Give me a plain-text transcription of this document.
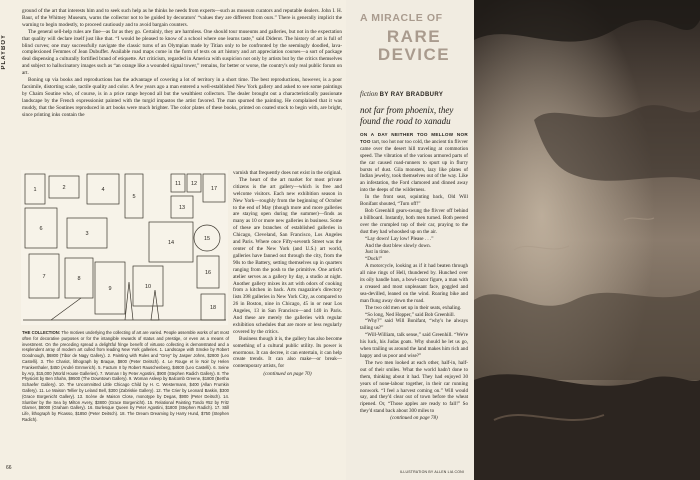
PLAYBOY

ground of the art that interests him and to seek such help as he thinks he needs from experts—such as museum curators and reputable dealers. John I. H. Baur, of the Whitney Museum, warns the collector not to be guided by decorators' “values they are different from ours.” There is generally implicit the warning to begin modestly, to proceed cautiously and to avoid bargain counters.

The general sell-help rules are fine—as far as they go. Certainly, they are harmless. One should tour museums and galleries, but not in the expectation that quality will declare itself just like that. “I would be pleased to know of a school where one learns taste,” said Diderot. The history of art is full of blind curves; one may successfully navigate the classic turns of an Olympian made by Titian only to be confronted by the seemingly doodled, lava-complexioned Femmes of Jean Dubuffet. Available road maps come in the form of texts on art history and art appreciation courses—a sort of package deal dispensing a culturally fortified brand of etiquette. Art criticism, regarded in America with suspicion not only by artists but by the critics themselves and subject to hallucinatory images such as “an orange like a wounded signal tower,” remains, for better or worse, the country's only real public forum on art.

Boning up via books and reproductions has the advantage of covering a lot of territory in a short time. The best reproductions, however, is a poor facsimile, distorting scale, tactile quality and color. A few years ago a man entered a well-established New York gallery and asked to see some paintings by Chaim Soutine who, of course, is in a price range beyond all but the wealthiest collectors. The dealer brought out a characteristically passionate landscape by the French expressionist painted with the turgid impastos the artist favored. The man spurned the painting. He complained that it was muddy, that the Soutines reproduced in art books were much brighter. The color plates of these books, printed on coated stock to begin with, are bright, since printing inks contain the

1	2
3
4
5
6
7	8
9	10
11 12
13
14
15
16
17
18
THE COLLECTION: The motives underlying the collecting of art are varied. People assemble works of art most often for decorative purposes or for the intangible rewards of status and prestige, or even as a means of investment. On the preceding spread a delightful fringe benefit of virtuoso collecting is demonstrated and a resplendent array of modern art culled from leading New York galleries. 1. Landscape with Smoke by Robert Goodnough, $6800 (Tibor de Nagy Gallery). 2. Painting with Rules and “Grey” by Jasper Johns, $2800 (Leo Castelli). 3. The Chariot, lithograph by Braque, $800 (Peter Deitsch). 4. Le Rouge et le Noir by Helen Frankenthaler, $450 (André Emmerich). 5. Factum II by Robert Rauschenberg, $4600 (Leo Castelli). 6. Seine by Arp, $15,000 (World House Galleries). 7. Woman I by Peter Agostini, $900 (Stephen Radich Gallery). 8. The Physicist by Ben Shahn, $9500 (The Downtown Gallery). 9. Woman Asleep by Balcomb Greene, $1800 (Bertha Schaefer Gallery). 10. The Uncommitted Little Chicago Child by H. C. Westermann, $400 (Allan Frumkin Gallery). 11. Le Maison Tellier by Leland Bell, $300 (Zabriskie Gallery). 12. The Crier by Leonard Baskin, $300 (Grace Borgenicht Gallery). 13. Scène de Maison Close, monotype by Degas, $900 (Peter Deitsch). 14. Slumber by the Sea by Milton Avery, $3800 (Grace Borgenicht). 15. Relational Painting Tondo #52 by Fritz Glarner, $8000 (Graham Gallery). 16. Burlesque Queen by Peter Agostini, $1800 (Stephen Radich). 17. Still Life, lithograph by Picasso, $1850 (Peter Deitsch). 18. The Dream Dreaming by Harry Hund, $750 (Stephen Radich).

varnish that frequently does not exist in the original.

The heart of the art market for most private citizens is the art gallery—which is free and welcome visitors. Each new exhibition season in New York—roughly from the beginning of October to the end of May (though more and more galleries are staying open during the summer)—finds as many as 10 or more new galleries in business. Some of these are branches of established galleries in Chicago, Cleveland, San Francisco, Los Angeles and Paris. Where once Fifty-seventh Street was the center of the New York (and U.S.) art world, galleries have fanned out through the city, from the 90s to the Battery, setting themselves up in quarters ranging from the posh to the primitive. One artist's atelier serves as a gallery by day, a studio at night. Another gallery mixes its art with odors of cooking from a kitchen in back. Arts magazine's directory lists 398 galleries in New York City, as compared to 26 in Boston, nine in Chicago, 45 in or near Los Angeles, 13 in San Francisco—and 140 in Paris. And these are merely the galleries with regular exhibition schedules that are more or less regularly covered by the critics.

Business though it is, the gallery has also become something of a cultural public utility. Its power is enormous. It can decree, it can entertain, it can help create trends. It can also make—or break—contemporary artists, for

(continued on page 70)
66
A MIRACLE OF
RARE
DEVICE
fiction BY RAY BRADBURY
not far from phoenix, they found the road to xanadu

ON A DAY NEITHER TOO MELLOW NOR TOO tart, too hot nor too cold, the ancient tin flivver came over the desert hill traveling at commotion speed. The vibration of the various armored parts of the car caused road-runners to spurt up in flurry bursts of dust. Gila monsters, lazy like plates of Indian jewelry, took themselves out of the way. Like an infestation, the Ford clamored and dinned away into the deeps of the wilderness.

In the front seat, squinting back, Old Will Bonifant shouted, “Turn off!”

Bob Greenhill gears-swung the flivver off behind a billboard. Instantly, both men turned. Both peered over the crumpled top of their car, praying to the dust they had whooshed up on the air.

“Lay down! Lay low! Please . . .”

And the dust blew slowly down.

Just in time.

“Duck!”

A motorcycle, looking as if it had beaten through all nine rings of Hell, thundered by. Hunched over its oily handle bars, a bowl-razor figure, a man with a creased and most unpleasant face, goggled and sea-devilled, leaned on the wind. Roaring bike and man flung away down the road.

The two old men set up in their seats, exhaling.

“So long, Ned Hopper,” said Bob Greenhill.

“Why?” said Will Bonifant, “why's he always tailing us?”

“Will-William, talk sense,” said Greenhill. “We're his luck, his Judas goats. Why should he let us go, when trailing us around the land makes him rich and happy and us poor and wise?”

The two men looked at each other, half-in, half-out of their smiles. What the world hadn't done to them, thinking about it had. They had enjoyed 30 years of none-labour together, in their car running nonwork. “I feel a harvest coming on.” Will would say, and they'd clear out of town before the wheat ripened. Or, “Those apples are ready to fall!” So they'd stand back about 300 miles to

(continued on page 78)
ILLUSTRATION BY ALLEN LIA CONI
